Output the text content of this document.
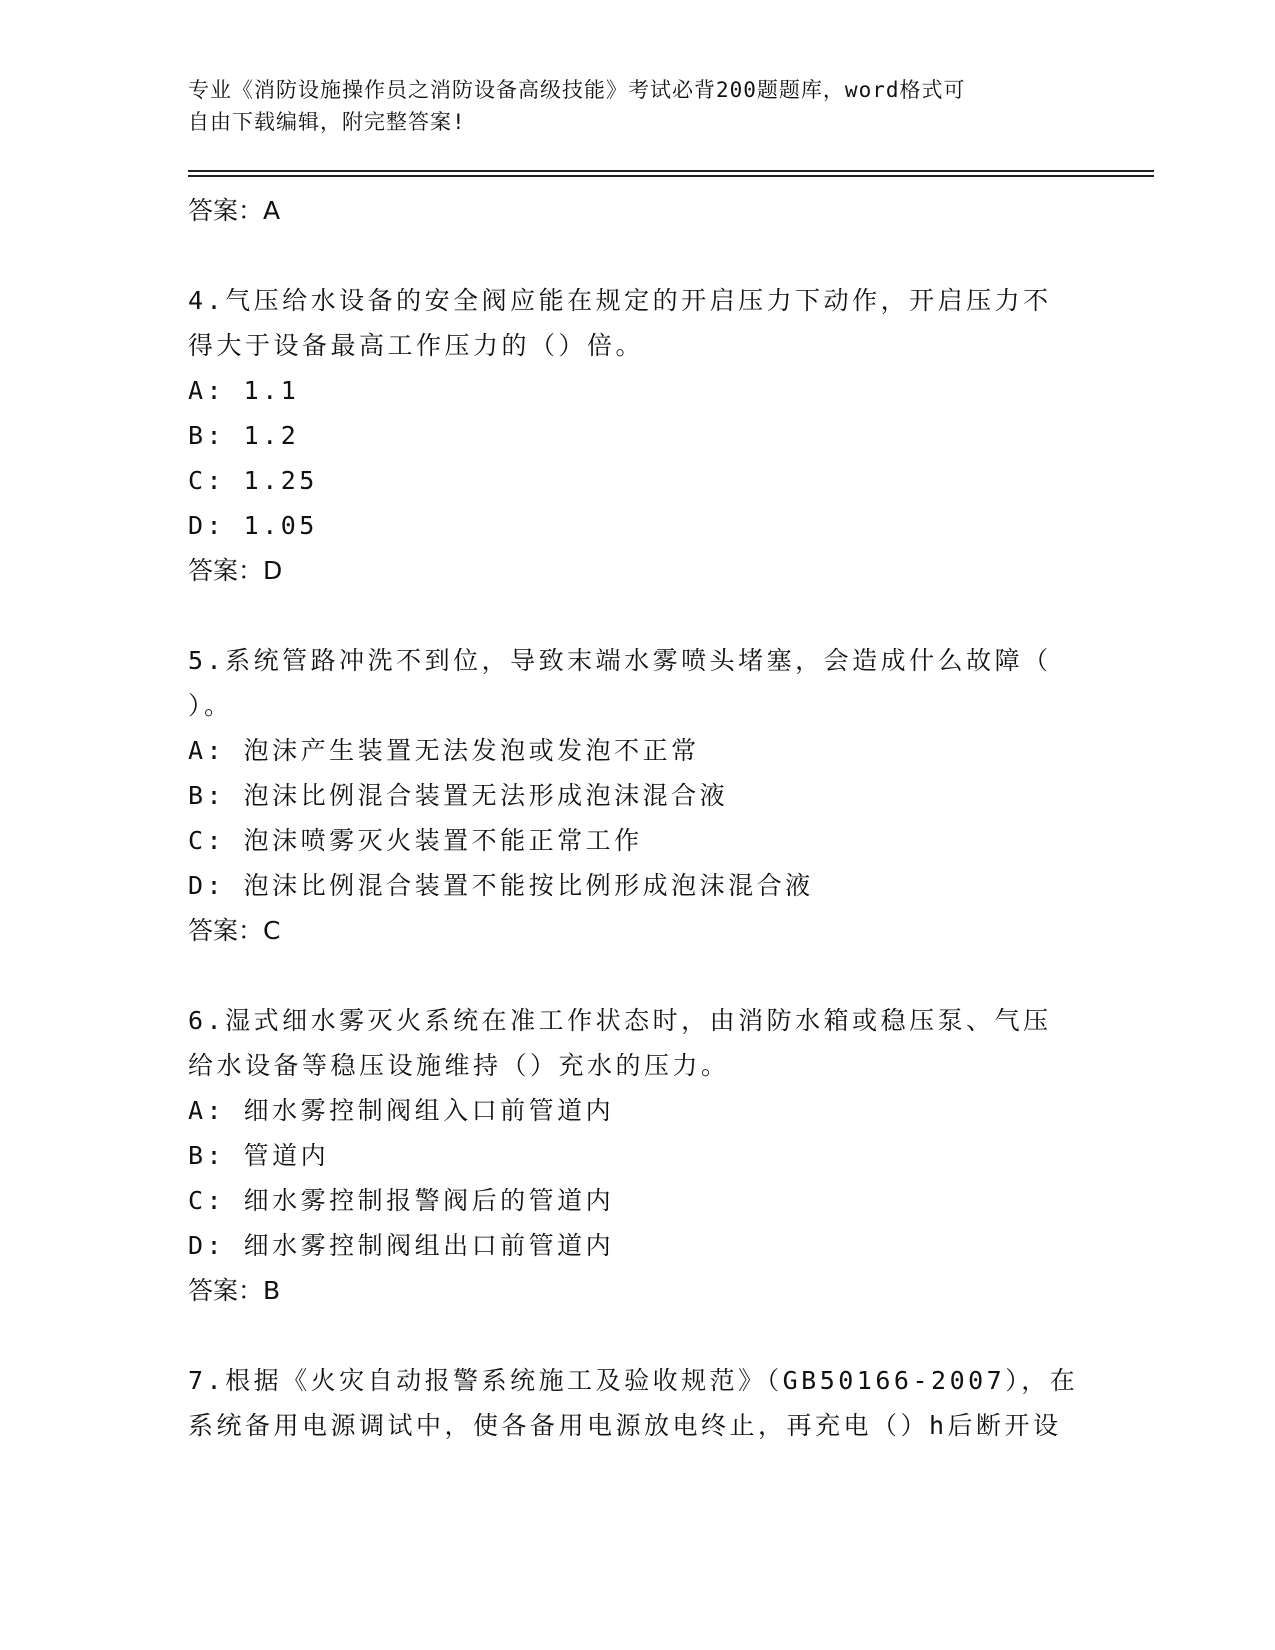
专业《消防设施操作员之消防设备高级技能》考试必背200题题库，word格式可
自由下载编辑，附完整答案!
答案：A
4.气压给水设备的安全阀应能在规定的开启压力下动作，开启压力不
得大于设备最高工作压力的（）倍。
A: 1.1
B: 1.2
C: 1.25
D: 1.05
答案：D
5.系统管路冲洗不到位，导致末端水雾喷头堵塞，会造成什么故障（
）。
A: 泡沫产生装置无法发泡或发泡不正常
B: 泡沫比例混合装置无法形成泡沫混合液
C: 泡沫喷雾灭火装置不能正常工作
D: 泡沫比例混合装置不能按比例形成泡沫混合液
答案：C
6.湿式细水雾灭火系统在准工作状态时，由消防水箱或稳压泵、气压
给水设备等稳压设施维持（）充水的压力。
A: 细水雾控制阀组入口前管道内
B: 管道内
C: 细水雾控制报警阀后的管道内
D: 细水雾控制阀组出口前管道内
答案：B
7.根据《火灾自动报警系统施工及验收规范》（GB50166-2007），在
系统备用电源调试中，使各备用电源放电终止，再充电（）h后断开设
